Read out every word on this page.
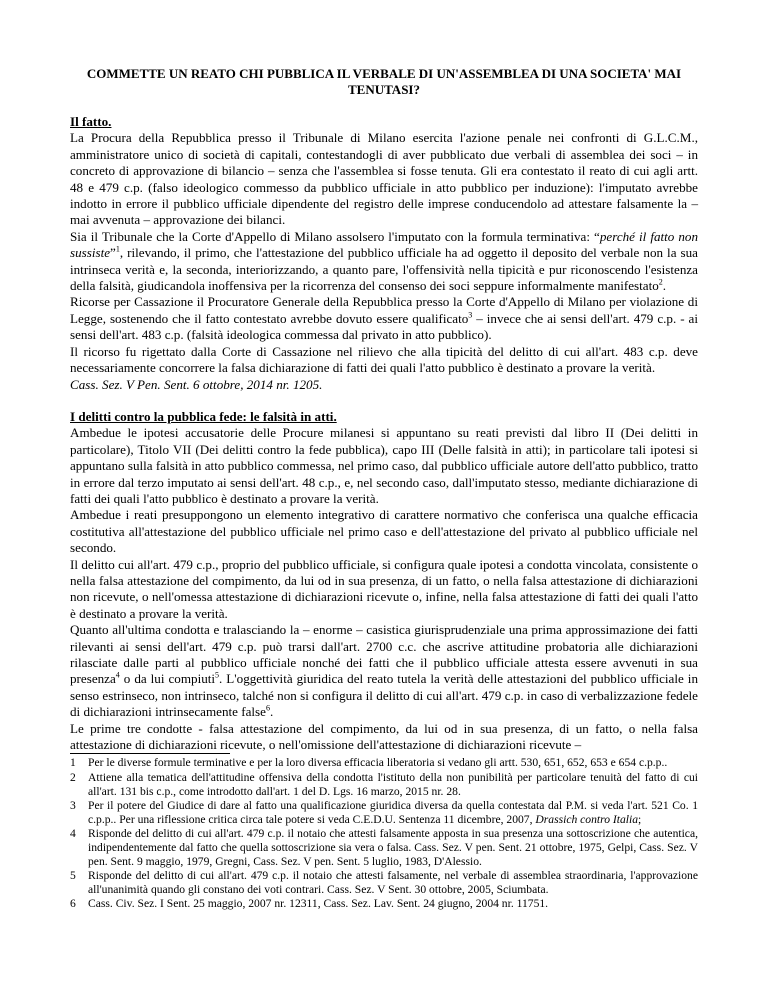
COMMETTE UN REATO CHI PUBBLICA IL VERBALE DI UN'ASSEMBLEA DI UNA SOCIETA' MAI TENUTASI?
Il fatto.

La Procura della Repubblica presso il Tribunale di Milano esercita l'azione penale nei confronti di G.L.C.M., amministratore unico di società di capitali, contestandogli di aver pubblicato due verbali di assemblea dei soci – in concreto di approvazione di bilancio – senza che l'assemblea si fosse tenuta. Gli era contestato il reato di cui agli artt. 48 e 479 c.p. (falso ideologico commesso da pubblico ufficiale in atto pubblico per induzione): l'imputato avrebbe indotto in errore il pubblico ufficiale dipendente del registro delle imprese conducendolo ad attestare falsamente la – mai avvenuta – approvazione dei bilanci.

Sia il Tribunale che la Corte d'Appello di Milano assolsero l'imputato con la formula terminativa: “perché il fatto non sussiste”$^1$, rilevando, il primo, che l'attestazione del pubblico ufficiale ha ad oggetto il deposito del verbale non la sua intrinseca verità e, la seconda, interiorizzando, a quanto pare, l'offensività nella tipicità e pur riconoscendo l'esistenza della falsità, giudicandola inoffensiva per la ricorrenza del consenso dei soci seppure informalmente manifestato$^2$.

Ricorse per Cassazione il Procuratore Generale della Repubblica presso la Corte d'Appello di Milano per violazione di Legge, sostenendo che il fatto contestato avrebbe dovuto essere qualificato$^3$ – invece che ai sensi dell'art. 479 c.p. - ai sensi dell'art. 483 c.p. (falsità ideologica commessa dal privato in atto pubblico).

Il ricorso fu rigettato dalla Corte di Cassazione nel rilievo che alla tipicità del delitto di cui all'art. 483 c.p. deve necessariamente concorrere la falsa dichiarazione di fatti dei quali l'atto pubblico è destinato a provare la verità.

Cass. Sez. V Pen. Sent. 6 ottobre, 2014 nr. 1205.

I delitti contro la pubblica fede: le falsità in atti.

Ambedue le ipotesi accusatorie delle Procure milanesi si appuntano su reati previsti dal libro II (Dei delitti in particolare), Titolo VII (Dei delitti contro la fede pubblica), capo III (Delle falsità in atti); in particolare tali ipotesi si appuntano sulla falsità in atto pubblico commessa, nel primo caso, dal pubblico ufficiale autore dell'atto pubblico, tratto in errore dal terzo imputato ai sensi dell'art. 48 c.p., e, nel secondo caso, dall'imputato stesso, mediante dichiarazione di fatti dei quali l'atto pubblico è destinato a provare la verità.

Ambedue i reati presuppongono un elemento integrativo di carattere normativo che conferisca una qualche efficacia costitutiva all'attestazione del pubblico ufficiale nel primo caso e dell'attestazione del privato al pubblico ufficiale nel secondo.

Il delitto cui all'art. 479 c.p., proprio del pubblico ufficiale, si configura quale ipotesi a condotta vincolata, consistente o nella falsa attestazione del compimento, da lui od in sua presenza, di un fatto, o nella falsa attestazione di dichiarazioni non ricevute, o nell'omessa attestazione di dichiarazioni ricevute o, infine, nella falsa attestazione di fatti dei quali l'atto è destinato a provare la verità.

Quanto all'ultima condotta e tralasciando la – enorme – casistica giurisprudenziale una prima approssimazione dei fatti rilevanti ai sensi dell'art. 479 c.p. può trarsi dall'art. 2700 c.c. che ascrive attitudine probatoria alle dichiarazioni rilasciate dalle parti al pubblico ufficiale nonché dei fatti che il pubblico ufficiale attesta essere avvenuti in sua presenza$^4$ o da lui compiuti$^5$. L'oggettività giuridica del reato tutela la verità delle attestazioni del pubblico ufficiale in senso estrinseco, non intrinseco, talché non si configura il delitto di cui all'art. 479 c.p. in caso di verbalizzazione fedele di dichiarazioni intrinsecamente false$^6$.

Le prime tre condotte - falsa attestazione del compimento, da lui od in sua presenza, di un fatto, o nella falsa attestazione di dichiarazioni ricevute, o nell'omissione dell'attestazione di dichiarazioni ricevute –

1	Per le diverse formule terminative e per la loro diversa efficacia liberatoria si vedano gli artt. 530, 651, 652, 653 e 654 c.p.p..
2	Attiene alla tematica dell'attitudine offensiva della condotta l'istituto della non punibilità per particolare tenuità del fatto di cui all'art. 131 bis c.p., come introdotto dall'art. 1 del D. Lgs. 16 marzo, 2015 nr. 28.
3	Per il potere del Giudice di dare al fatto una qualificazione giuridica diversa da quella contestata dal P.M. si veda l'art. 521 Co. 1 c.p.p.. Per una riflessione critica circa tale potere si veda C.E.D.U. Sentenza 11 dicembre, 2007, Drassich contro Italia;
4	Risponde del delitto di cui all'art. 479 c.p. il notaio che attesti falsamente apposta in sua presenza una sottoscrizione che autentica, indipendentemente dal fatto che quella sottoscrizione sia vera o falsa. Cass. Sez. V pen. Sent. 21 ottobre, 1975, Gelpi, Cass. Sez. V pen. Sent. 9 maggio, 1979, Gregni, Cass. Sez. V pen. Sent. 5 luglio, 1983, D'Alessio.
5	Risponde del delitto di cui all'art. 479 c.p. il notaio che attesti falsamente, nel verbale di assemblea straordinaria, l'approvazione all'unanimità quando gli constano dei voti contrari. Cass. Sez. V Sent. 30 ottobre, 2005, Sciumbata.
6	Cass. Civ. Sez. I Sent. 25 maggio, 2007 nr. 12311, Cass. Sez. Lav. Sent. 24 giugno, 2004 nr. 11751.
